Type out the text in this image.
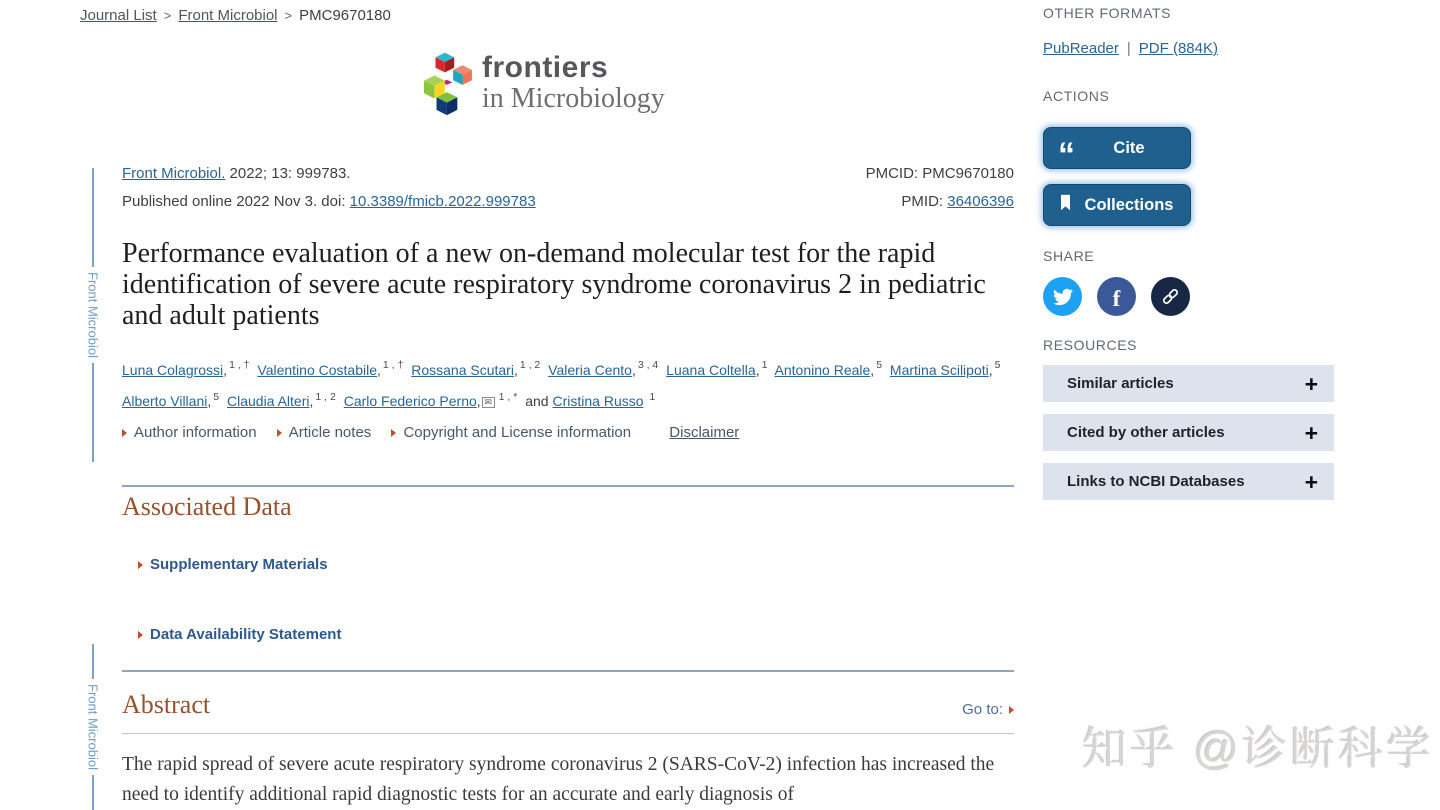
Journal List > Front Microbiol > PMC9670180
frontiers
in Microbiology
Front Microbiol
Front Microbiol
Front Microbiol. 2022; 13: 999783.
Published online 2022 Nov 3. doi: 10.3389/fmicb.2022.999783
PMCID: PMC9670180
PMID: 36406396
Performance evaluation of a new on-demand molecular test for the rapid identification of severe acute respiratory syndrome coronavirus 2 in pediatric and adult patients
Luna Colagrossi, $^{1 , \dagger}$ Valentino Costabile, $^{1 , \dagger}$ Rossana Scutari, $^{1 , 2}$ Valeria Cento, $^{3 , 4}$ Luana Coltella, $^1$ Antonino Reale, $^5$ Martina Scilipoti, $^5$ Alberto Villani, $^5$ Claudia Alteri, $^{1 , 2}$ Carlo Federico Perno,✉ $^{1 , *}$ and Cristina Russo $^1$
Author information Article notes Copyright and License information	Disclaimer
Associated Data
Supplementary Materials
Data Availability Statement
Abstract	Go to:

The rapid spread of severe acute respiratory syndrome coronavirus 2 (SARS-CoV-2) infection has increased the need to identify additional rapid diagnostic tests for an accurate and early diagnosis of

OTHER FORMATS
PubReader | PDF (884K)
ACTIONS
“
Cite
Collections
SHARE
f
RESOURCES
Similar articles
+
Cited by other articles
+
Links to NCBI Databases
+
知乎 @诊断科学
